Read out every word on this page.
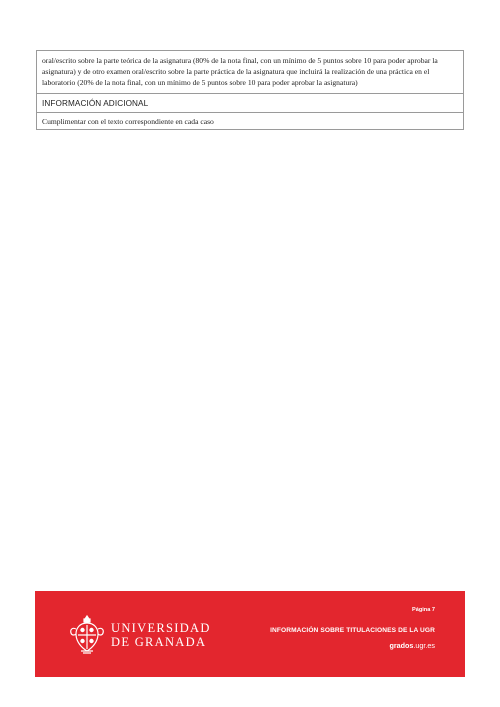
oral/escrito sobre la parte teórica de la asignatura (80% de la nota final, con un mínimo de 5 puntos sobre 10 para poder aprobar la asignatura) y de otro examen oral/escrito sobre la parte práctica de la asignatura que incluirá la realización de una práctica en el laboratorio (20% de la nota final, con un mínimo de 5 puntos sobre 10 para poder aprobar la asignatura)
INFORMACIÓN ADICIONAL
Cumplimentar con el texto correspondiente en cada caso
UNIVERSIDAD
DE GRANADA
Página 7
INFORMACIÓN SOBRE TITULACIONES DE LA UGR
grados.ugr.es
